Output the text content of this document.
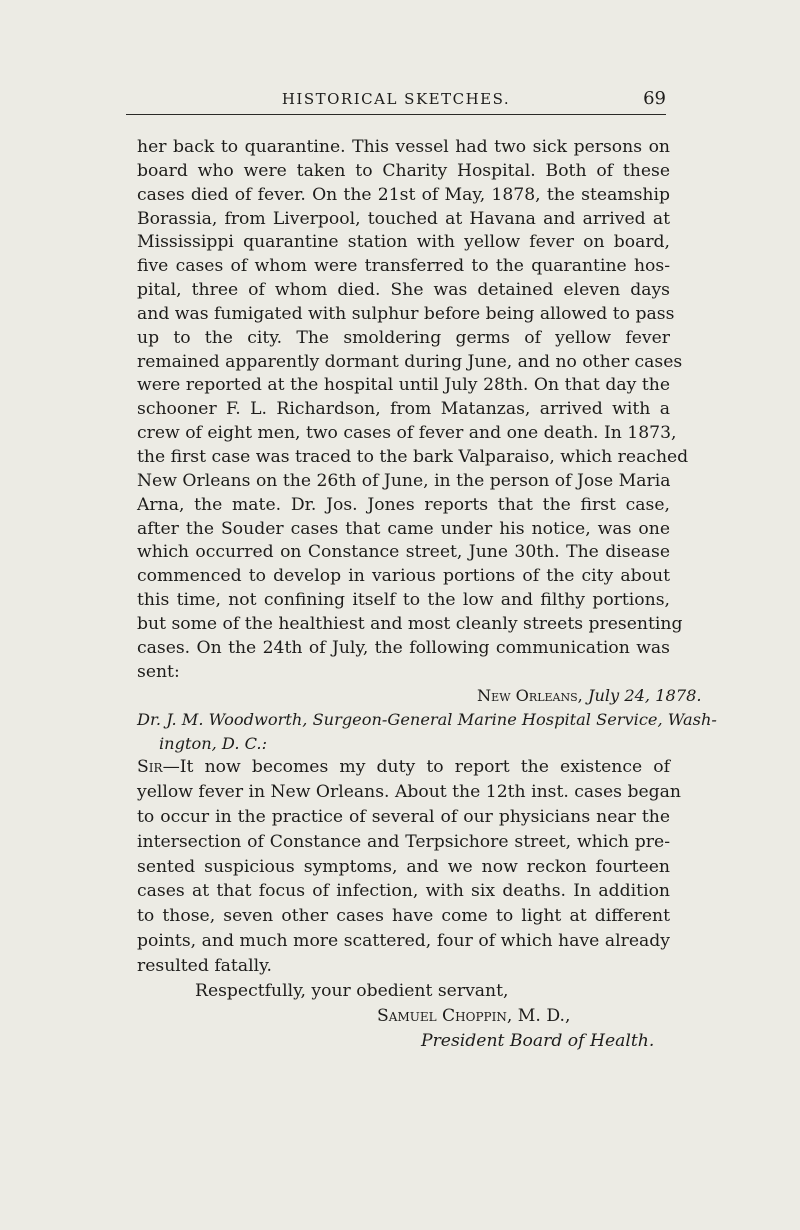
HISTORICAL SKETCHES.	69
her back to quarantine. This vessel had two sick persons on
board who were taken to Charity Hospital. Both of these
cases died of fever. On the 21st of May, 1878, the steamship
Borassia, from Liverpool, touched at Havana and arrived at
Mississippi quarantine station with yellow fever on board,
five cases of whom were transferred to the quarantine hos-
pital, three of whom died. She was detained eleven days
and was fumigated with sulphur before being allowed to pass
up to the city. The smoldering germs of yellow fever
remained apparently dormant during June, and no other cases
were reported at the hospital until July 28th. On that day the
schooner F. L. Richardson, from Matanzas, arrived with a
crew of eight men, two cases of fever and one death. In 1873,
the first case was traced to the bark Valparaiso, which reached
New Orleans on the 26th of June, in the person of Jose Maria
Arna, the mate. Dr. Jos. Jones reports that the first case,
after the Souder cases that came under his notice, was one
which occurred on Constance street, June 30th. The disease
commenced to develop in various portions of the city about
this time, not confining itself to the low and filthy portions,
but some of the healthiest and most cleanly streets presenting
cases. On the 24th of July, the following communication was
sent:
New Orleans, July 24, 1878.
Dr. J. M. Woodworth, Surgeon-General Marine Hospital Service, Wash-
ington, D. C.:
Sir—It now becomes my duty to report the existence of
yellow fever in New Orleans. About the 12th inst. cases began
to occur in the practice of several of our physicians near the
intersection of Constance and Terpsichore street, which pre-
sented suspicious symptoms, and we now reckon fourteen
cases at that focus of infection, with six deaths. In addition
to those, seven other cases have come to light at different
points, and much more scattered, four of which have already
resulted fatally.
Respectfully, your obedient servant,
Samuel Choppin, M. D.,
President Board of Health.
